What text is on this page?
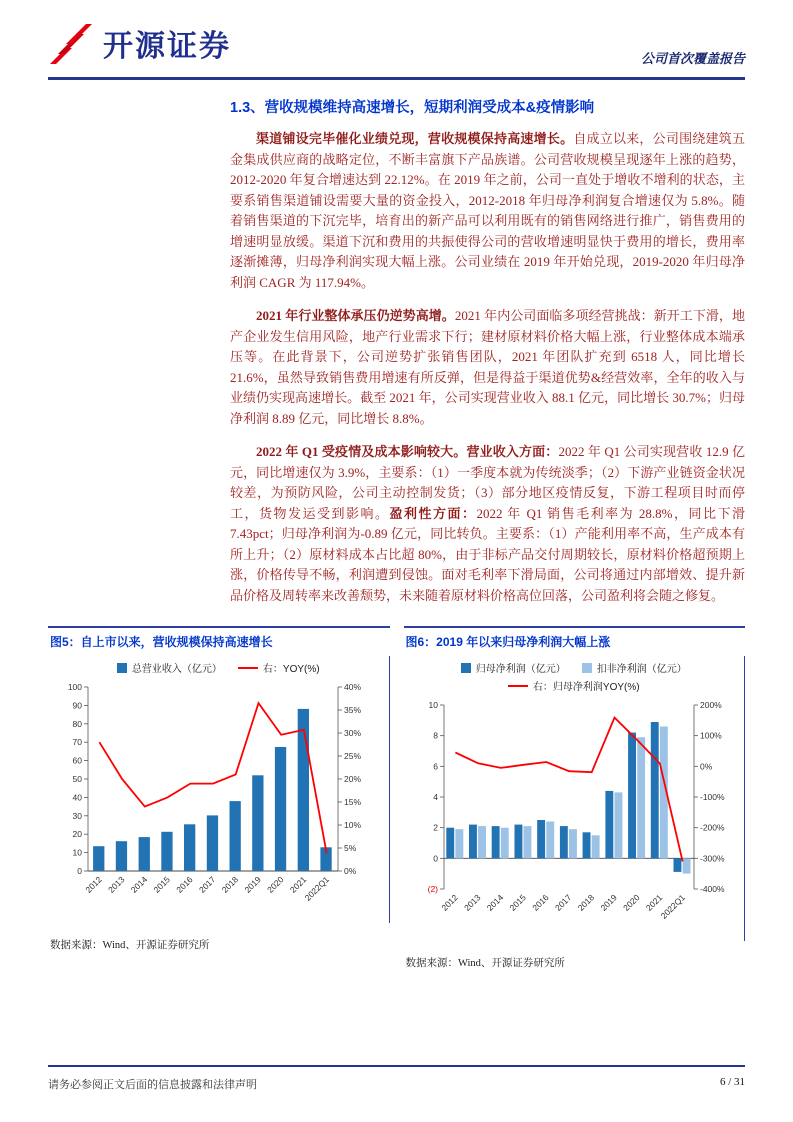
开源证券	公司首次覆盖报告
1.3、营收规模维持高速增长，短期利润受成本&疫情影响

渠道铺设完毕催化业绩兑现，营收规模保持高速增长。自成立以来，公司围绕建筑五金集成供应商的战略定位，不断丰富旗下产品族谱。公司营收规模呈现逐年上涨的趋势，2012-2020 年复合增速达到 22.12%。在 2019 年之前，公司一直处于增收不增利的状态，主要系销售渠道铺设需要大量的资金投入，2012-2018 年归母净利润复合增速仅为 5.8%。随着销售渠道的下沉完毕，培育出的新产品可以利用既有的销售网络进行推广，销售费用的增速明显放缓。渠道下沉和费用的共振使得公司的营收增速明显快于费用的增长，费用率逐渐摊薄，归母净利润实现大幅上涨。公司业绩在 2019 年开始兑现，2019-2020 年归母净利润 CAGR 为 117.94%。

2021 年行业整体承压仍逆势高增。2021 年内公司面临多项经营挑战：新开工下滑，地产企业发生信用风险，地产行业需求下行；建材原材料价格大幅上涨，行业整体成本端承压等。在此背景下，公司逆势扩张销售团队，2021 年团队扩充到 6518 人，同比增长 21.6%，虽然导致销售费用增速有所反弹，但是得益于渠道优势&经营效率，全年的收入与业绩仍实现高速增长。截至 2021 年，公司实现营业收入 88.1 亿元，同比增长 30.7%；归母净利润 8.89 亿元，同比增长 8.8%。

2022 年 Q1 受疫情及成本影响较大。营业收入方面：2022 年 Q1 公司实现营收 12.9 亿元，同比增速仅为 3.9%，主要系：（1）一季度本就为传统淡季；（2）下游产业链资金状况较差，为预防风险，公司主动控制发货；（3）部分地区疫情反复，下游工程项目时而停工，货物发运受到影响。盈利性方面：2022 年 Q1 销售毛利率为 28.8%，同比下滑 7.43pct；归母净利润为-0.89 亿元，同比转负。主要系：（1）产能利用率不高，生产成本有所上升；（2）原材料成本占比超 80%，由于非标产品交付周期较长，原材料价格超预期上涨，价格传导不畅，利润遭到侵蚀。面对毛利率下滑局面，公司将通过内部增效、提升新品价格及周转率来改善颓势，未来随着原材料价格高位回落，公司盈利将会随之修复。

图5：自上市以来，营收规模保持高速增长
总营业收入（亿元）	右：YOY(%)
0
10
20
30
40
50
60
70
80
90
100
0%
5%
10%
15%
20%
25%
30%
35%
40%
2012 2013 2014 2015 2016 2017 2018 2019 2020 2021
2022Q1
数据来源：Wind、开源证券研究所
图6：2019 年以来归母净利润大幅上涨
归母净利润（亿元）	扣非净利润（亿元）
右：归母净利润YOY(%)
(2)
0
2
4
6
8
10
-400%
-300%
-200%
-100%
0%
100%
200%
2012 2013 2014 2015 2016 2017 2018 2019 2020 2021
2022Q1
数据来源：Wind、开源证券研究所
请务必参阅正文后面的信息披露和法律声明	6 / 31
